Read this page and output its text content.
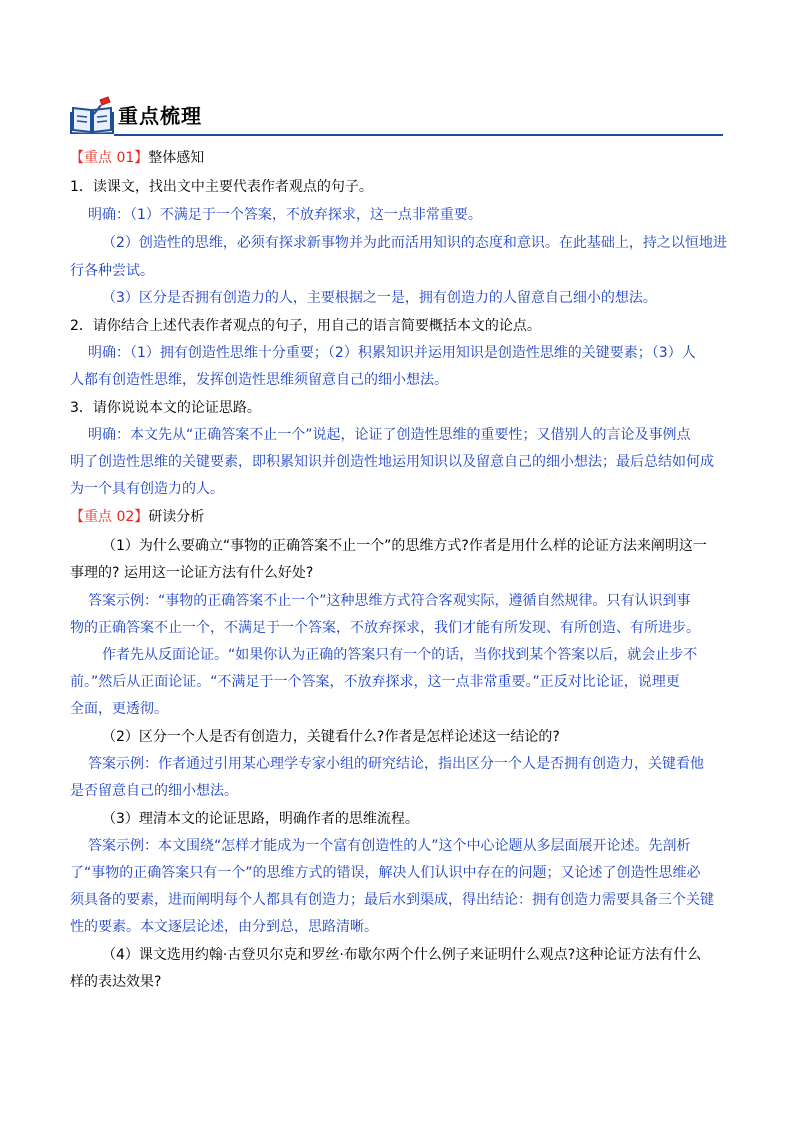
重点梳理
【重点 01】整体感知
1．读课文，找出文中主要代表作者观点的句子。
明确：（1）不满足于一个答案，不放弃探求，这一点非常重要。
（2）创造性的思维，必须有探求新事物并为此而活用知识的态度和意识。在此基础上，持之以恒地进
行各种尝试。
（3）区分是否拥有创造力的人，主要根据之一是，拥有创造力的人留意自己细小的想法。
2．请你结合上述代表作者观点的句子，用自己的语言简要概括本文的论点。
明确：（1）拥有创造性思维十分重要；（2）积累知识并运用知识是创造性思维的关键要素；（3）人
人都有创造性思维，发挥创造性思维须留意自己的细小想法。
3．请你说说本文的论证思路。
明确：本文先从“正确答案不止一个”说起，论证了创造性思维的重要性；又借别人的言论及事例点
明了创造性思维的关键要素，即积累知识并创造性地运用知识以及留意自己的细小想法；最后总结如何成
为一个具有创造力的人。
【重点 02】研读分析
（1）为什么要确立“事物的正确答案不止一个”的思维方式?作者是用什么样的论证方法来阐明这一
事理的? 运用这一论证方法有什么好处?
答案示例：“事物的正确答案不止一个”这种思维方式符合客观实际，遵循自然规律。只有认识到事
物的正确答案不止一个，不满足于一个答案，不放弃探求，我们才能有所发现、有所创造、有所进步。
作者先从反面论证。“如果你认为正确的答案只有一个的话，当你找到某个答案以后，就会止步不
前。”然后从正面论证。“不满足于一个答案，不放弃探求，这一点非常重要。”正反对比论证，说理更
全面，更透彻。
（2）区分一个人是否有创造力，关键看什么?作者是怎样论述这一结论的?
答案示例：作者通过引用某心理学专家小组的研究结论，指出区分一个人是否拥有创造力，关键看他
是否留意自己的细小想法。
（3）理清本文的论证思路，明确作者的思维流程。
答案示例：本文围绕“怎样才能成为一个富有创造性的人”这个中心论题从多层面展开论述。先剖析
了“事物的正确答案只有一个”的思维方式的错误，解决人们认识中存在的问题；又论述了创造性思维必
须具备的要素，进而阐明每个人都具有创造力；最后水到渠成，得出结论：拥有创造力需要具备三个关键
性的要素。本文逐层论述，由分到总，思路清晰。
（4）课文选用约翰·古登贝尔克和罗丝·布歇尔两个什么例子来证明什么观点?这种论证方法有什么
样的表达效果?
